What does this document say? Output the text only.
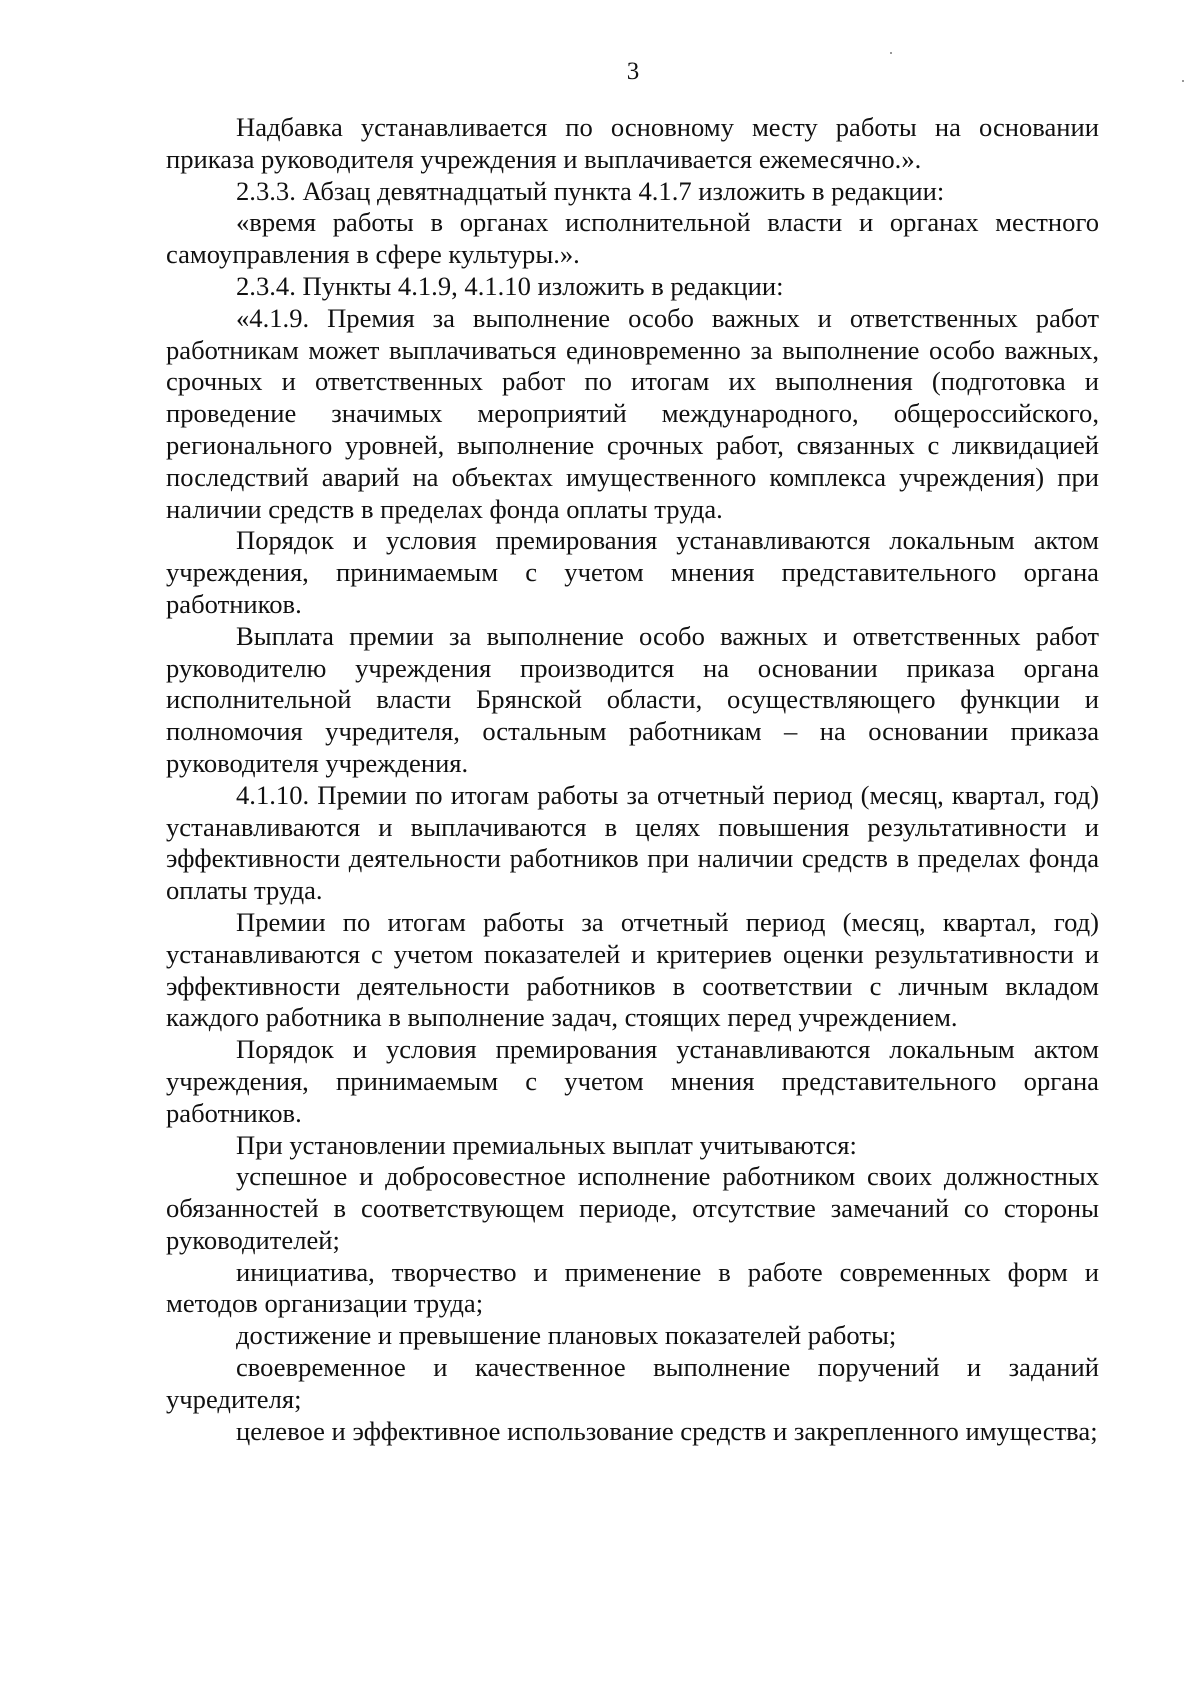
3

Надбавка устанавливается по основному месту работы на основании приказа руководителя учреждения и выплачивается ежемесячно.».

2.3.3. Абзац девятнадцатый пункта 4.1.7 изложить в редакции:

«время работы в органах исполнительной власти и органах местного самоуправления в сфере культуры.».

2.3.4. Пункты 4.1.9, 4.1.10 изложить в редакции:

«4.1.9. Премия за выполнение особо важных и ответственных работ работникам может выплачиваться единовременно за выполнение особо важных, срочных и ответственных работ по итогам их выполнения (подготовка и проведение значимых мероприятий международного, общероссийского, регионального уровней, выполнение срочных работ, связанных с ликвидацией последствий аварий на объектах имущественного комплекса учреждения) при наличии средств в пределах фонда оплаты труда.

Порядок и условия премирования устанавливаются локальным актом учреждения, принимаемым с учетом мнения представительного органа работников.

Выплата премии за выполнение особо важных и ответственных работ руководителю учреждения производится на основании приказа органа исполнительной власти Брянской области, осуществляющего функции и полномочия учредителя, остальным работникам – на основании приказа руководителя учреждения.

4.1.10. Премии по итогам работы за отчетный период (месяц, квартал, год) устанавливаются и выплачиваются в целях повышения результативности и эффективности деятельности работников при наличии средств в пределах фонда оплаты труда.

Премии по итогам работы за отчетный период (месяц, квартал, год) устанавливаются с учетом показателей и критериев оценки результативности и эффективности деятельности работников в соответствии с личным вкладом каждого работника в выполнение задач, стоящих перед учреждением.

Порядок и условия премирования устанавливаются локальным актом учреждения, принимаемым с учетом мнения представительного органа работников.

При установлении премиальных выплат учитываются:

успешное и добросовестное исполнение работником своих должностных обязанностей в соответствующем периоде, отсутствие замечаний со стороны руководителей;

инициатива, творчество и применение в работе современных форм и методов организации труда;

достижение и превышение плановых показателей работы;

своевременное и качественное выполнение поручений и заданий учредителя;

целевое и эффективное использование средств и закрепленного имущества;
